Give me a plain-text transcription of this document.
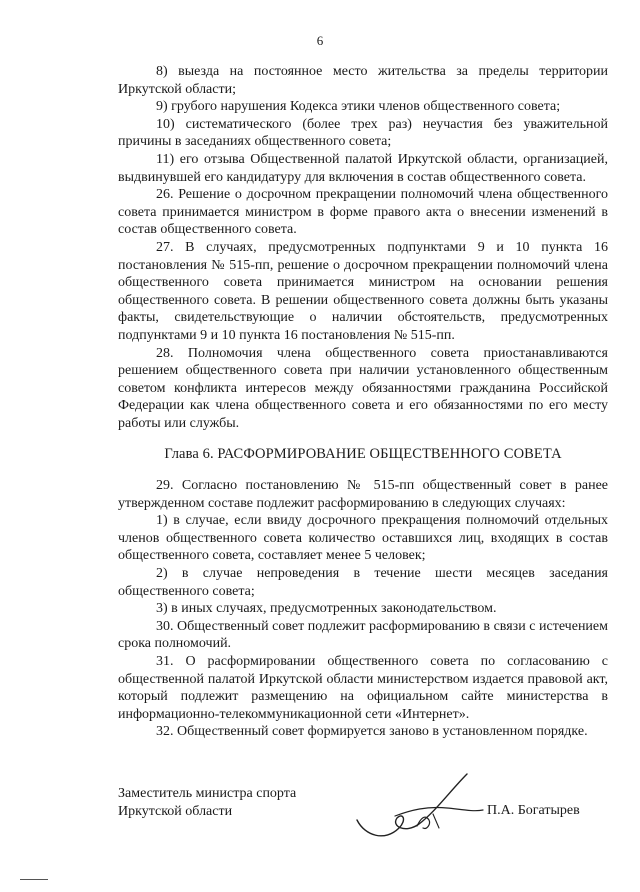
6

8) выезда на постоянное место жительства за пределы территории Иркутской области;

9) грубого нарушения Кодекса этики членов общественного совета;

10) систематического (более трех раз) неучастия без уважительной причины в заседаниях общественного совета;

11) его отзыва Общественной палатой Иркутской области, организацией, выдвинувшей его кандидатуру для включения в состав общественного совета.

26. Решение о досрочном прекращении полномочий члена общественного совета принимается министром в форме правого акта о внесении изменений в состав общественного совета.

27. В случаях, предусмотренных подпунктами 9 и 10 пункта 16 постановления № 515-пп, решение о досрочном прекращении полномочий члена общественного совета принимается министром на основании решения общественного совета. В решении общественного совета должны быть указаны факты, свидетельствующие о наличии обстоятельств, предусмотренных подпунктами 9 и 10 пункта 16 постановления № 515-пп.

28. Полномочия члена общественного совета приостанавливаются решением общественного совета при наличии установленного общественным советом конфликта интересов между обязанностями гражданина Российской Федерации как члена общественного совета и его обязанностями по его месту работы или службы.

Глава 6. РАСФОРМИРОВАНИЕ ОБЩЕСТВЕННОГО СОВЕТА

29. Согласно постановлению № 515-пп общественный совет в ранее утвержденном составе подлежит расформированию в следующих случаях:

1) в случае, если ввиду досрочного прекращения полномочий отдельных членов общественного совета количество оставшихся лиц, входящих в состав общественного совета, составляет менее 5 человек;

2) в случае непроведения в течение шести месяцев заседания общественного совета;

3) в иных случаях, предусмотренных законодательством.

30. Общественный совет подлежит расформированию в связи с истечением срока полномочий.

31. О расформировании общественного совета по согласованию с общественной палатой Иркутской области министерством издается правовой акт, который подлежит размещению на официальном сайте министерства в информационно-телекоммуникационной сети «Интернет».

32. Общественный совет формируется заново в установленном порядке.

Заместитель министра спорта
Иркутской области	П.А. Богатырев
